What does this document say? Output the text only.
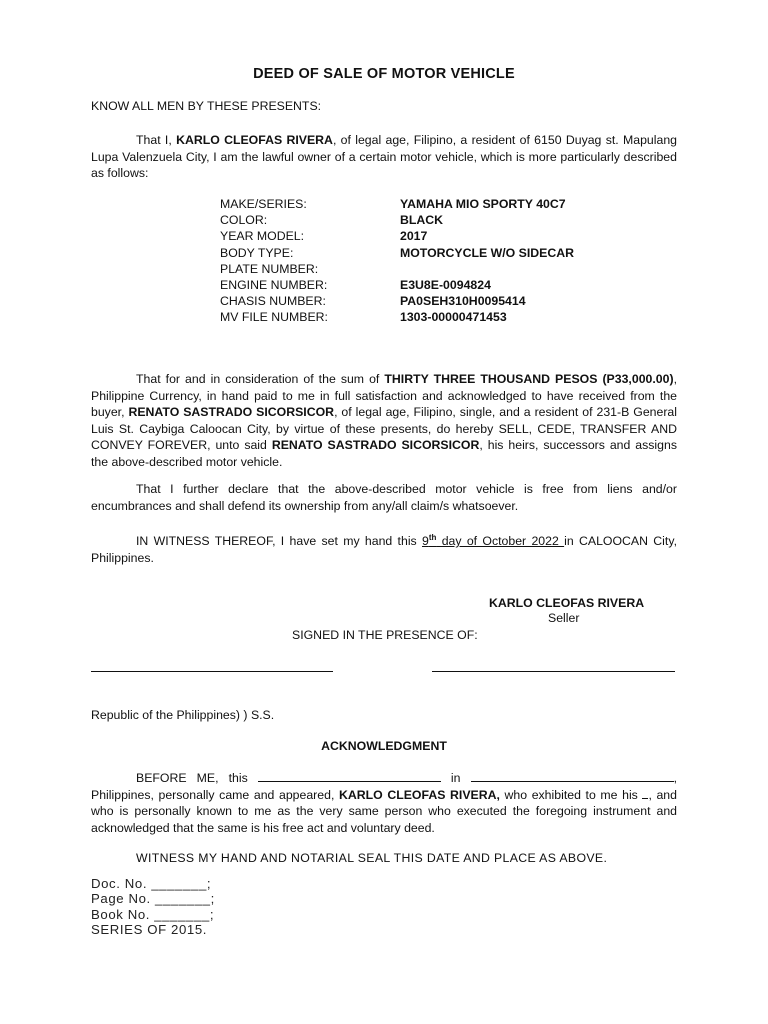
DEED OF SALE OF MOTOR VEHICLE
KNOW ALL MEN BY THESE PRESENTS:
That I, KARLO CLEOFAS RIVERA, of legal age, Filipino, a resident of 6150 Duyag st. Mapulang Lupa Valenzuela City, I am the lawful owner of a certain motor vehicle, which is more particularly described as follows:
MAKE/SERIES:	YAMAHA MIO SPORTY 40C7
COLOR:	BLACK
YEAR MODEL:	2017
BODY TYPE:	MOTORCYCLE W/O SIDECAR
PLATE NUMBER:
ENGINE NUMBER:	E3U8E-0094824
CHASIS NUMBER:	PA0SEH310H0095414
MV FILE NUMBER:	1303-00000471453
That for and in consideration of the sum of THIRTY THREE THOUSAND PESOS (P33,000.00), Philippine Currency, in hand paid to me in full satisfaction and acknowledged to have received from the buyer, RENATO SASTRADO SICORSICOR, of legal age, Filipino, single, and a resident of 231-B General Luis St. Caybiga Caloocan City, by virtue of these presents, do hereby SELL, CEDE, TRANSFER AND CONVEY FOREVER, unto said RENATO SASTRADO SICORSICOR, his heirs, successors and assigns the above-described motor vehicle.
That I further declare that the above-described motor vehicle is free from liens and/or encumbrances and shall defend its ownership from any/all claim/s whatsoever.
IN WITNESS THEREOF, I have set my hand this 9th day of October 2022 in CALOOCAN City, Philippines.
KARLO CLEOFAS RIVERA
Seller
SIGNED IN THE PRESENCE OF:
Republic of the Philippines) ) S.S.
ACKNOWLEDGMENT
BEFORE ME, this	in	, Philippines, personally came and appeared, KARLO CLEOFAS RIVERA, who exhibited to me his , and who is personally known to me as the very same person who executed the foregoing instrument and acknowledged that the same is his free act and voluntary deed.
WITNESS MY HAND AND NOTARIAL SEAL THIS DATE AND PLACE AS ABOVE.
Doc. No. _______;
Page No. _______;
Book No. _______;
SERIES OF 2015.
